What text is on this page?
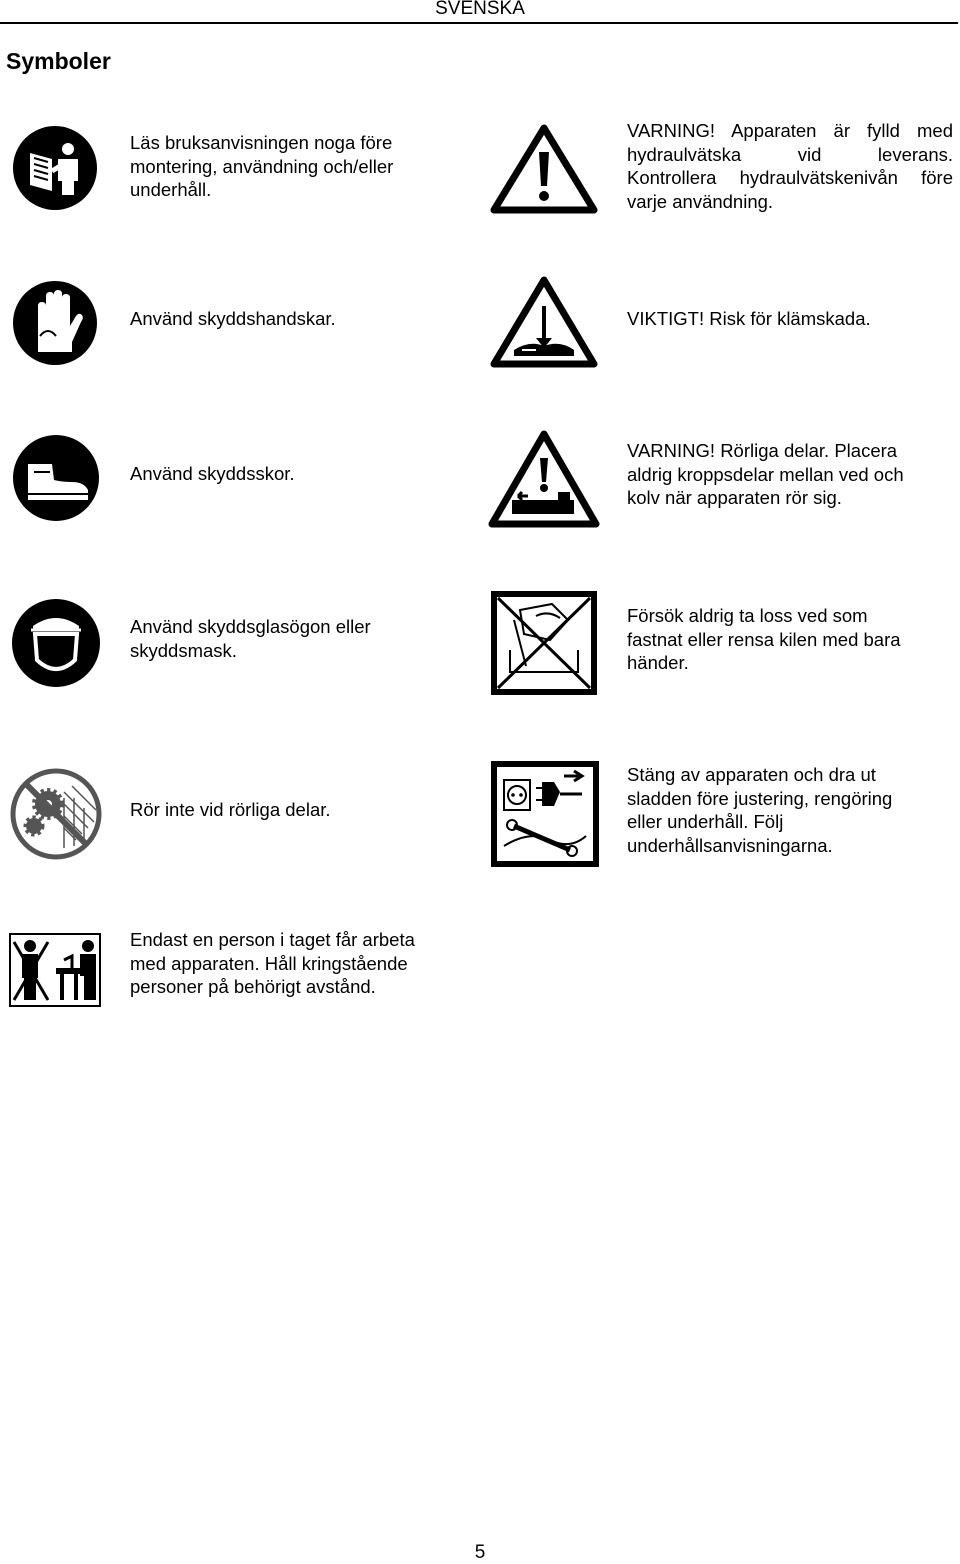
SVENSKA
Symboler
Läs bruksanvisningen noga före
montering, användning och/eller
underhåll.
VARNING! Apparaten är fylld med
hydraulvätska vid leverans.
Kontrollera hydraulvätskenivån före
varje användning.
Använd skyddshandskar.	VIKTIGT! Risk för klämskada.
Använd skyddsskor.
VARNING! Rörliga delar. Placera
aldrig kroppsdelar mellan ved och
kolv när apparaten rör sig.
Använd skyddsglasögon eller
skyddsmask.
Försök aldrig ta loss ved som
fastnat eller rensa kilen med bara
händer.
Rör inte vid rörliga delar.
Stäng av apparaten och dra ut
sladden före justering, rengöring
eller underhåll. Följ
underhållsanvisningarna.
Endast en person i taget får arbeta
med apparaten. Håll kringstående
personer på behörigt avstånd.
5
